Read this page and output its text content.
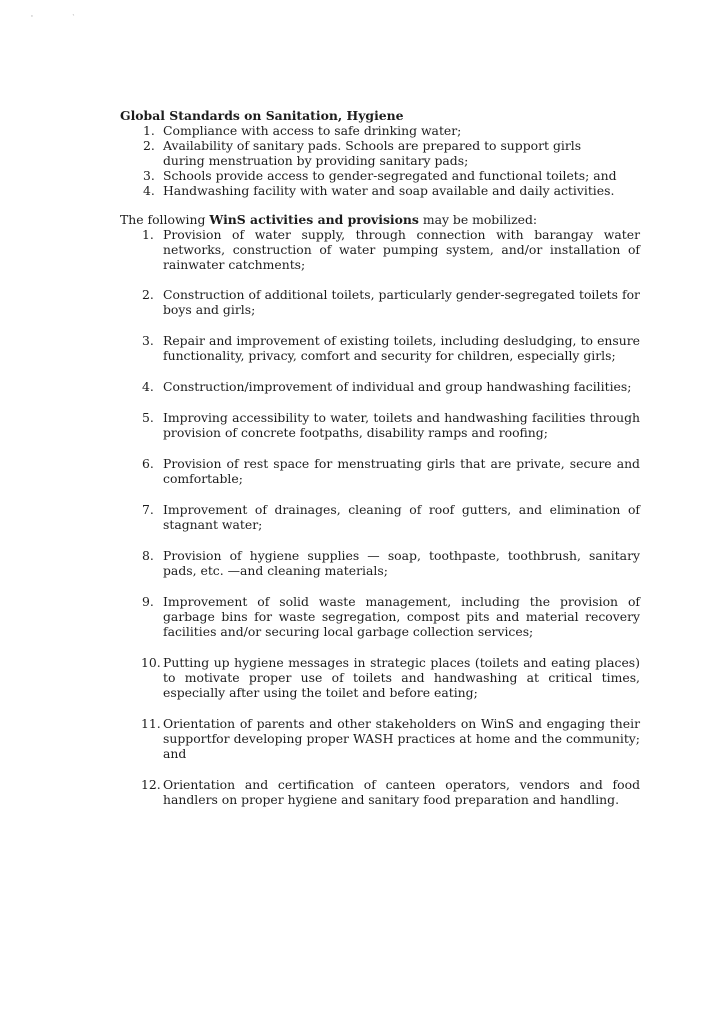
'	`

Global Standards on Sanitation, Hygiene

1. Compliance with access to safe drinking water;
2. Availability of sanitary pads. Schools are prepared to support girls during menstruation by providing sanitary pads;
3. Schools provide access to gender-segregated and functional toilets; and
4. Handwashing facility with water and soap available and daily activities.

The following WinS activities and provisions may be mobilized:

1. Provision of water supply, through connection with barangay water networks, construction of water pumping system, and/or installation of rainwater catchments;
2. Construction of additional toilets, particularly gender-segregated toilets for boys and girls;
3. Repair and improvement of existing toilets, including desludging, to ensure functionality, privacy, comfort and security for children, especially girls;
4. Construction/improvement of individual and group handwashing facilities;
5. Improving accessibility to water, toilets and handwashing facilities through provision of concrete footpaths, disability ramps and roofing;
6. Provision of rest space for menstruating girls that are private, secure and comfortable;
7. Improvement of drainages, cleaning of roof gutters, and elimination of stagnant water;
8. Provision of hygiene supplies — soap, toothpaste, toothbrush, sanitary pads, etc. —and cleaning materials;
9. Improvement of solid waste management, including the provision of garbage bins for waste segregation, compost pits and material recovery facilities and/or securing local garbage collection services;
10. Putting up hygiene messages in strategic places (toilets and eating places) to motivate proper use of toilets and handwashing at critical times, especially after using the toilet and before eating;
11. Orientation of parents and other stakeholders on WinS and engaging their supportfor developing proper WASH practices at home and the community; and
12. Orientation and certification of canteen operators, vendors and food handlers on proper hygiene and sanitary food preparation and handling.
